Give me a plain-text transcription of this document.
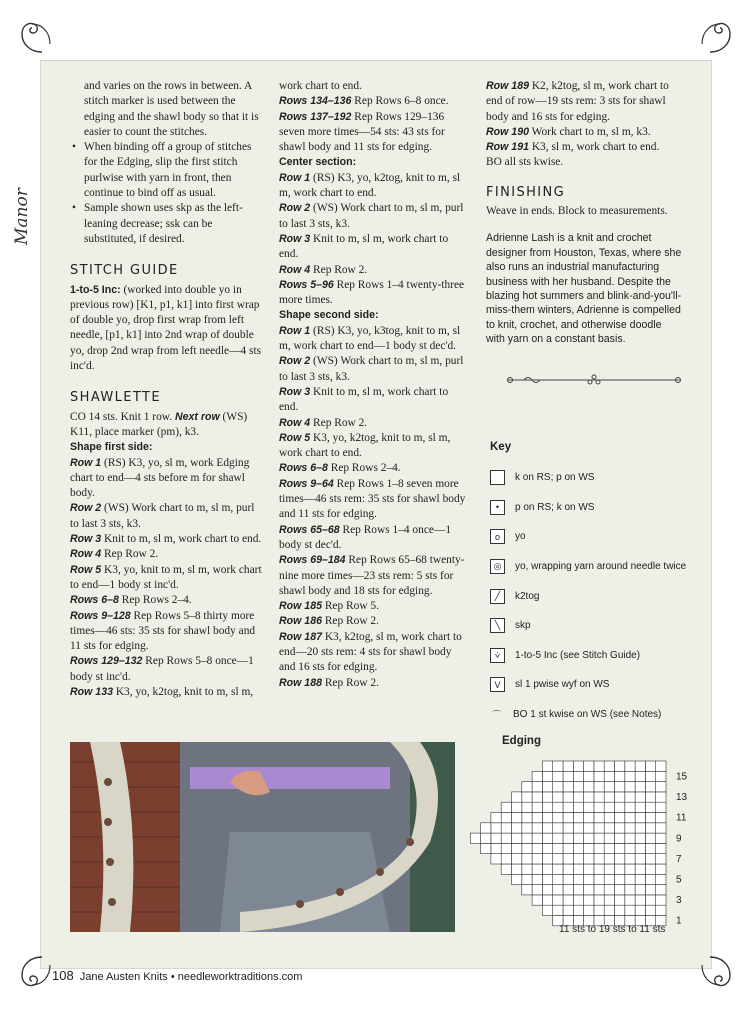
Manor

and varies on the rows in between. A stitch marker is used between the edging and the shawl body so that it is easier to count the stitches.

• When binding off a group of stitches for the Edging, slip the first stitch purlwise with yarn in front, then continue to bind off as usual.

• Sample shown uses skp as the left-leaning decrease; ssk can be substituted, if desired.

STITCH GUIDE

1-to-5 Inc: (worked into double yo in previous row) [K1, p1, k1] into first wrap of double yo, drop first wrap from left needle, [p1, k1] into 2nd wrap of double yo, drop 2nd wrap from left needle—4 sts inc'd.

SHAWLETTE

CO 14 sts. Knit 1 row. Next row (WS) K11, place marker (pm), k3.

Shape first side:

Row 1 (RS) K3, yo, sl m, work Edging chart to end—4 sts before m for shawl body.

Row 2 (WS) Work chart to m, sl m, purl to last 3 sts, k3.

Row 3 Knit to m, sl m, work chart to end.

Row 4 Rep Row 2.

Row 5 K3, yo, knit to m, sl m, work chart to end—1 body st inc'd.

Rows 6–8 Rep Rows 2–4.

Rows 9–128 Rep Rows 5–8 thirty more times—46 sts: 35 sts for shawl body and 11 sts for edging.

Rows 129–132 Rep Rows 5–8 once—1 body st inc'd.

Row 133 K3, yo, k2tog, knit to m, sl m,

work chart to end.

Rows 134–136 Rep Rows 6–8 once.

Rows 137–192 Rep Rows 129–136 seven more times—54 sts: 43 sts for shawl body and 11 sts for edging.

Center section:

Row 1 (RS) K3, yo, k2tog, knit to m, sl m, work chart to end.

Row 2 (WS) Work chart to m, sl m, purl to last 3 sts, k3.

Row 3 Knit to m, sl m, work chart to end.

Row 4 Rep Row 2.

Rows 5–96 Rep Rows 1–4 twenty-three more times.

Shape second side:

Row 1 (RS) K3, yo, k3tog, knit to m, sl m, work chart to end—1 body st dec'd.

Row 2 (WS) Work chart to m, sl m, purl to last 3 sts, k3.

Row 3 Knit to m, sl m, work chart to end.

Row 4 Rep Row 2.

Row 5 K3, yo, k2tog, knit to m, sl m, work chart to end.

Rows 6–8 Rep Rows 2–4.

Rows 9–64 Rep Rows 1–8 seven more times—46 sts rem: 35 sts for shawl body and 11 sts for edging.

Rows 65–68 Rep Rows 1–4 once—1 body st dec'd.

Rows 69–184 Rep Rows 65–68 twenty-nine more times—23 sts rem: 5 sts for shawl body and 18 sts for edging.

Row 185 Rep Row 5.

Row 186 Rep Row 2.

Row 187 K3, k2tog, sl m, work chart to end—20 sts rem: 4 sts for shawl body and 16 sts for edging.

Row 188 Rep Row 2.

Row 189 K2, k2tog, sl m, work chart to end of row—19 sts rem: 3 sts for shawl body and 16 sts for edging.

Row 190 Work chart to m, sl m, k3.

Row 191 K3, sl m, work chart to end.

BO all sts kwise.

FINISHING

Weave in ends. Block to measurements.

Adrienne Lash is a knit and crochet designer from Houston, Texas, where she also runs an industrial manufacturing business with her husband. Despite the blazing hot summers and blink-and-you'll-miss-them winters, Adrienne is compelled to knit, crochet, and otherwise doodle with yarn on a constant basis.

Key
k on RS; p on WS
•	p on RS; k on WS
o	yo
◎	yo, wrapping yarn around needle twice
╱	k2tog
╲	skp
⩒	1-to-5 Inc (see Stitch Guide)
V	sl 1 pwise wyf on WS
⌒ BO 1 st kwise on WS (see Notes)
Edging
15
13
11
9
7
5
3
1
11 sts to 19 sts to 11 sts
108 Jane Austen Knits • needleworktraditions.com
